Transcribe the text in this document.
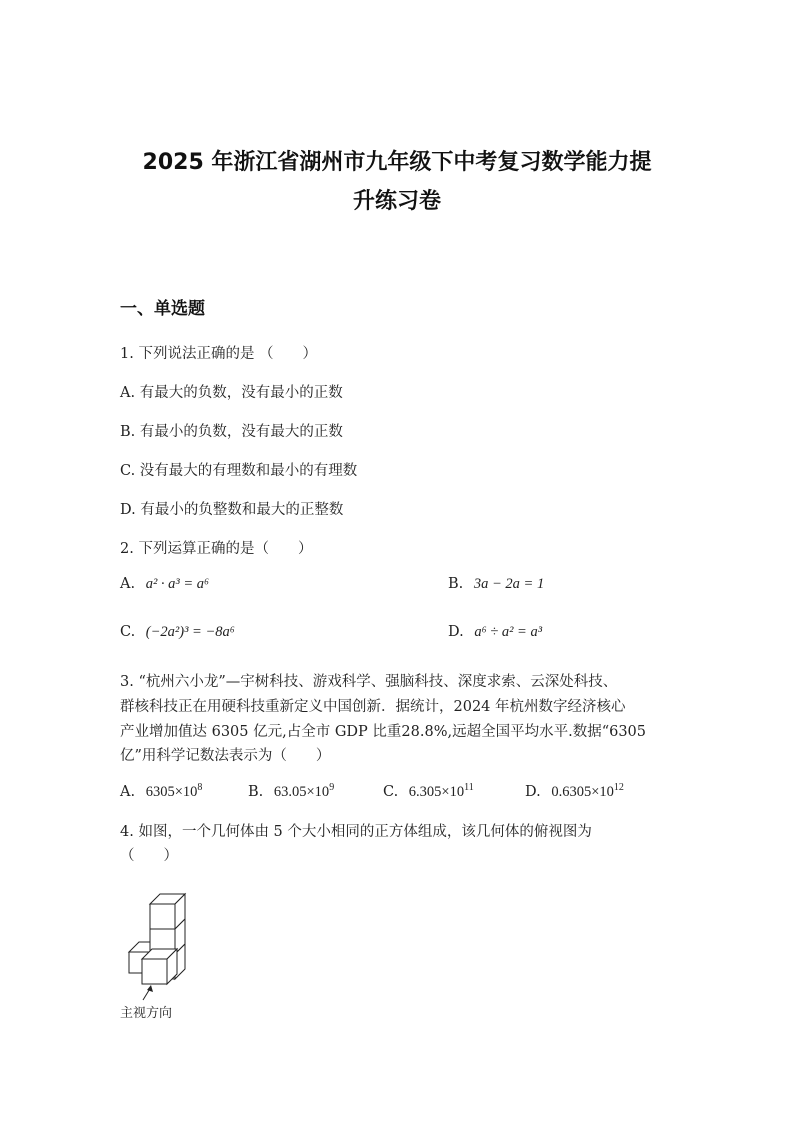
2025 年浙江省湖州市九年级下中考复习数学能力提
升练习卷
一、单选题
1. 下列说法正确的是 （　　）
A. 有最大的负数，没有最小的正数
B. 有最小的负数，没有最大的正数
C. 没有最大的有理数和最小的有理数
D. 有最小的负整数和最大的正整数
2. 下列运算正确的是（　　）
A. a² · a³ = a⁶	B. 3a − 2a = 1
C. (−2a²)³ = −8a⁶	D. a⁶ ÷ a² = a³
3. “杭州六小龙”—宇树科技、游戏科学、强脑科技、深度求索、云深处科技、
群核科技正在用硬科技重新定义中国创新．据统计，2024 年杭州数字经济核心
产业增加值达 6305 亿元,占全市 GDP 比重28.8%,远超全国平均水平.数据“6305
亿”用科学记数法表示为（　　）
A. $6305\times 10^8$	B. $63.05\times 10^9$	C. $6.305\times 10^{11}$	D. $0.6305\times 10^{12}$
4. 如图，一个几何体由 5 个大小相同的正方体组成，该几何体的俯视图为
（　　）
主视方向
